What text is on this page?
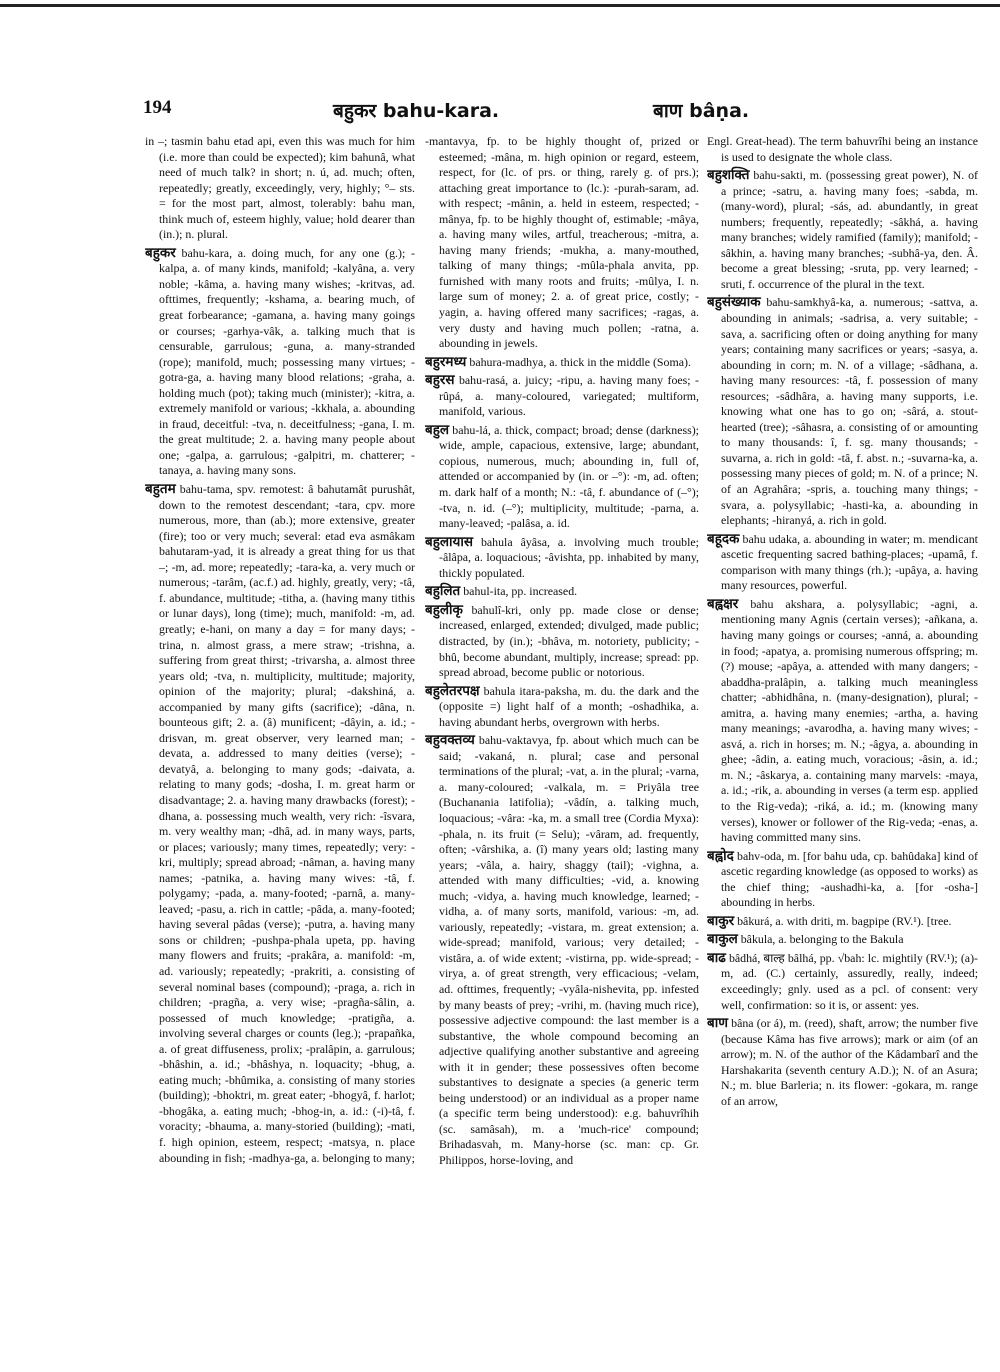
194	बहुकर bahu-kara.	बाण bâṇa.

in –; tasmin bahu etad api, even this was much for him (i.e. more than could be expected); kim bahunâ, what need of much talk? in short; n. ú, ad. much; often, repeatedly; greatly, exceedingly, very, highly; °– sts. = for the most part, almost, tolerably: bahu man, think much of, esteem highly, value; hold dearer than (in.); n. plural.

बहुकर bahu-kara, a. doing much, for any one (g.); -kalpa, a. of many kinds, manifold; -kalyâna, a. very noble; -kâma, a. having many wishes; -kritvas, ad. ofttimes, frequently; -kshama, a. bearing much, of great forbearance; -gamana, a. having many goings or courses; -garhya-vâk, a. talking much that is censurable, garrulous; -guna, a. many-stranded (rope); manifold, much; possessing many virtues; -gotra-ga, a. having many blood relations; -graha, a. holding much (pot); taking much (minister); -kitra, a. extremely manifold or various; -kkhala, a. abounding in fraud, deceitful: -tva, n. deceitfulness; -gana, I. m. the great multitude; 2. a. having many people about one; -galpa, a. garrulous; -galpitri, m. chatterer; -tanaya, a. having many sons.

बहुतम bahu-tama, spv. remotest: â bahutamât purushât, down to the remotest descendant; -tara, cpv. more numerous, more, than (ab.); more extensive, greater (fire); too or very much; several: etad eva asmâkam bahutaram-yad, it is already a great thing for us that –; -m, ad. more; repeatedly; -tara-ka, a. very much or numerous; -tarâm, (ac.f.) ad. highly, greatly, very; -tâ, f. abundance, multitude; -titha, a. (having many tithis or lunar days), long (time); much, manifold: -m, ad. greatly; e-hani, on many a day = for many days; -trina, n. almost grass, a mere straw; -trishna, a. suffering from great thirst; -trivarsha, a. almost three years old; -tva, n. multiplicity, multitude; majority, opinion of the majority; plural; -dakshiná, a. accompanied by many gifts (sacrifice); -dâna, n. bounteous gift; 2. a. (â) munificent; -dâyin, a. id.; -drisvan, m. great observer, very learned man; -devata, a. addressed to many deities (verse); -devatyâ, a. belonging to many gods; -daivata, a. relating to many gods; -dosha, I. m. great harm or disadvantage; 2. a. having many drawbacks (forest); -dhana, a. possessing much wealth, very rich: -îsvara, m. very wealthy man; -dhâ, ad. in many ways, parts, or places; variously; many times, repeatedly; very: - kri, multiply; spread abroad; -nâman, a. having many names; -patnika, a. having many wives: -tâ, f. polygamy; -pada, a. many-footed; -parnâ, a. many-leaved; -pasu, a. rich in cattle; -pâda, a. many-footed; having several pâdas (verse); -putra, a. having many sons or children; -pushpa-phala upeta, pp. having many flowers and fruits; -prakâra, a. manifold: -m, ad. variously; repeatedly; -prakriti, a. consisting of several nominal bases (compound); -praga, a. rich in children; -pragña, a. very wise; -pragña-sâlin, a. possessed of much knowledge; -pratigña, a. involving several charges or counts (leg.); -prapañka, a. of great diffuseness, prolix; -pralâpin, a. garrulous; -bhâshin, a. id.; -bhâshya, n. loquacity; -bhug, a. eating much; -bhûmika, a. consisting of many stories (building); -bhoktri, m. great eater; -bhogyâ, f. harlot; -bhogâka, a. eating much; -bhog-in, a. id.: (-i)-tâ, f. voracity; -bhauma, a. many-storied (building); -mati, f. high opinion, esteem, respect; -matsya, n. place abounding in fish; -madhya-ga, a. belonging to many;

-mantavya, fp. to be highly thought of, prized or esteemed; -mâna, m. high opinion or regard, esteem, respect, for (lc. of prs. or thing, rarely g. of prs.); attaching great importance to (lc.): -purah-saram, ad. with respect; -mânin, a. held in esteem, respected; -mânya, fp. to be highly thought of, estimable; -mâya, a. having many wiles, artful, treacherous; -mitra, a. having many friends; -mukha, a. many-mouthed, talking of many things; -mûla-phala anvita, pp. furnished with many roots and fruits; -mûlya, I. n. large sum of money; 2. a. of great price, costly; -yagin, a. having offered many sacrifices; -ragas, a. very dusty and having much pollen; -ratna, a. abounding in jewels.

बहुरमध्य bahura-madhya, a. thick in the middle (Soma).

बहुरस bahu-rasá, a. juicy; -ripu, a. having many foes; -rûpá, a. many-coloured, variegated; multiform, manifold, various.

बहुल bahu-lá, a. thick, compact; broad; dense (darkness); wide, ample, capacious, extensive, large; abundant, copious, numerous, much; abounding in, full of, attended or accompanied by (in. or –°): -m, ad. often; m. dark half of a month; N.: -tâ, f. abundance of (–°); -tva, n. id. (–°); multiplicity, multitude; -parna, a. many-leaved; -palâsa, a. id.

बहुलायास bahula âyâsa, a. involving much trouble; -âlâpa, a. loquacious; -âvishta, pp. inhabited by many, thickly populated.

बहुलित bahul-ita, pp. increased.

बहुलीकृ bahulî-kri, only pp. made close or dense; increased, enlarged, extended; divulged, made public; distracted, by (in.); -bhâva, m. notoriety, publicity; -bhû, become abundant, multiply, increase; spread: pp. spread abroad, become public or notorious.

बहुलेतरपक्ष bahula itara-paksha, m. du. the dark and the (opposite =) light half of a month; -oshadhika, a. having abundant herbs, overgrown with herbs.

बहुवक्तव्य bahu-vaktavya, fp. about which much can be said; -vakaná, n. plural; case and personal terminations of the plural; -vat, a. in the plural; -varna, a. many-coloured; -valkala, m. = Priyâla tree (Buchanania latifolia); -vâdín, a. talking much, loquacious; -vâra: -ka, m. a small tree (Cordia Myxa): -phala, n. its fruit (= Selu); -vâram, ad. frequently, often; -vârshika, a. (î) many years old; lasting many years; -vâla, a. hairy, shaggy (tail); -vighna, a. attended with many difficulties; -vid, a. knowing much; -vidya, a. having much knowledge, learned; -vidha, a. of many sorts, manifold, various: -m, ad. variously, repeatedly; -vistara, m. great extension; a. wide-spread; manifold, various; very detailed; -vistâra, a. of wide extent; -vistirna, pp. wide-spread; -virya, a. of great strength, very efficacious; -velam, ad. ofttimes, frequently; -vyâla-nishevita, pp. infested by many beasts of prey; -vrihi, m. (having much rice), possessive adjective compound: the last member is a substantive, the whole compound becoming an adjective qualifying another substantive and agreeing with it in gender; these possessives often become substantives to designate a species (a generic term being understood) or an individual as a proper name (a specific term being understood): e.g. bahuvrîhih (sc. samâsah), m. a 'much-rice' compound; Brihadasvah, m. Many-horse (sc. man: cp. Gr. Philippos, horse-loving, and

Engl. Great-head). The term bahuvrîhi being an instance is used to designate the whole class.

बहुशक्ति bahu-sakti, m. (possessing great power), N. of a prince; -satru, a. having many foes; -sabda, m. (many-word), plural; -sás, ad. abundantly, in great numbers; frequently, repeatedly; -sâkhá, a. having many branches; widely ramified (family); manifold; -sâkhin, a. having many branches; -subhâ-ya, den. Â. become a great blessing; -sruta, pp. very learned; -sruti, f. occurrence of the plural in the text.

बहुसंख्याक bahu-samkhyâ-ka, a. numerous; -sattva, a. abounding in animals; -sadrisa, a. very suitable; -sava, a. sacrificing often or doing anything for many years; containing many sacrifices or years; -sasya, a. abounding in corn; m. N. of a village; -sâdhana, a. having many resources: -tâ, f. possession of many resources; -sâdhâra, a. having many supports, i.e. knowing what one has to go on; -sârá, a. stout-hearted (tree); -sâhasra, a. consisting of or amounting to many thousands: î, f. sg. many thousands; -suvarna, a. rich in gold: -tâ, f. abst. n.; -suvarna-ka, a. possessing many pieces of gold; m. N. of a prince; N. of an Agrahâra; -spris, a. touching many things; -svara, a. polysyllabic; -hasti-ka, a. abounding in elephants; -hiranyá, a. rich in gold.

बहूदक bahu udaka, a. abounding in water; m. mendicant ascetic frequenting sacred bathing-places; -upamâ, f. comparison with many things (rh.); -upâya, a. having many resources, powerful.

बह्वक्षर bahu akshara, a. polysyllabic; -agni, a. mentioning many Agnis (certain verses); -añkana, a. having many goings or courses; -anná, a. abounding in food; -apatya, a. promising numerous offspring; m. (?) mouse; -apâya, a. attended with many dangers; -abaddha-pralâpin, a. talking much meaningless chatter; -abhidhâna, n. (many-designation), plural; -amitra, a. having many enemies; -artha, a. having many meanings; -avarodha, a. having many wives; -asvá, a. rich in horses; m. N.; -âgya, a. abounding in ghee; -âdin, a. eating much, voracious; -âsin, a. id.; m. N.; -âskarya, a. containing many marvels: -maya, a. id.; -rik, a. abounding in verses (a term esp. applied to the Rig-veda); -riká, a. id.; m. (knowing many verses), knower or follower of the Rig-veda; -enas, a. having committed many sins.

बह्वोद bahv-oda, m. [for bahu uda, cp. bahûdaka] kind of ascetic regarding knowledge (as opposed to works) as the chief thing; -aushadhi-ka, a. [for -osha-] abounding in herbs.

बाकुर bâkurá, a. with driti, m. bagpipe (RV.¹). [tree.

बाकुल bâkula, a. belonging to the Bakula

बाढ bâdhá, बाल्ह bâlhá, pp. √bah: lc. mightily (RV.¹); (a)-m, ad. (C.) certainly, assuredly, really, indeed; exceedingly; gnly. used as a pcl. of consent: very well, confirmation: so it is, or assent: yes.

बाण bâna (or á), m. (reed), shaft, arrow; the number five (because Kâma has five arrows); mark or aim (of an arrow); m. N. of the author of the Kâdambarî and the Harshakarita (seventh century A.D.); N. of an Asura; N.; m. blue Barleria; n. its flower: -gokara, m. range of an arrow,
